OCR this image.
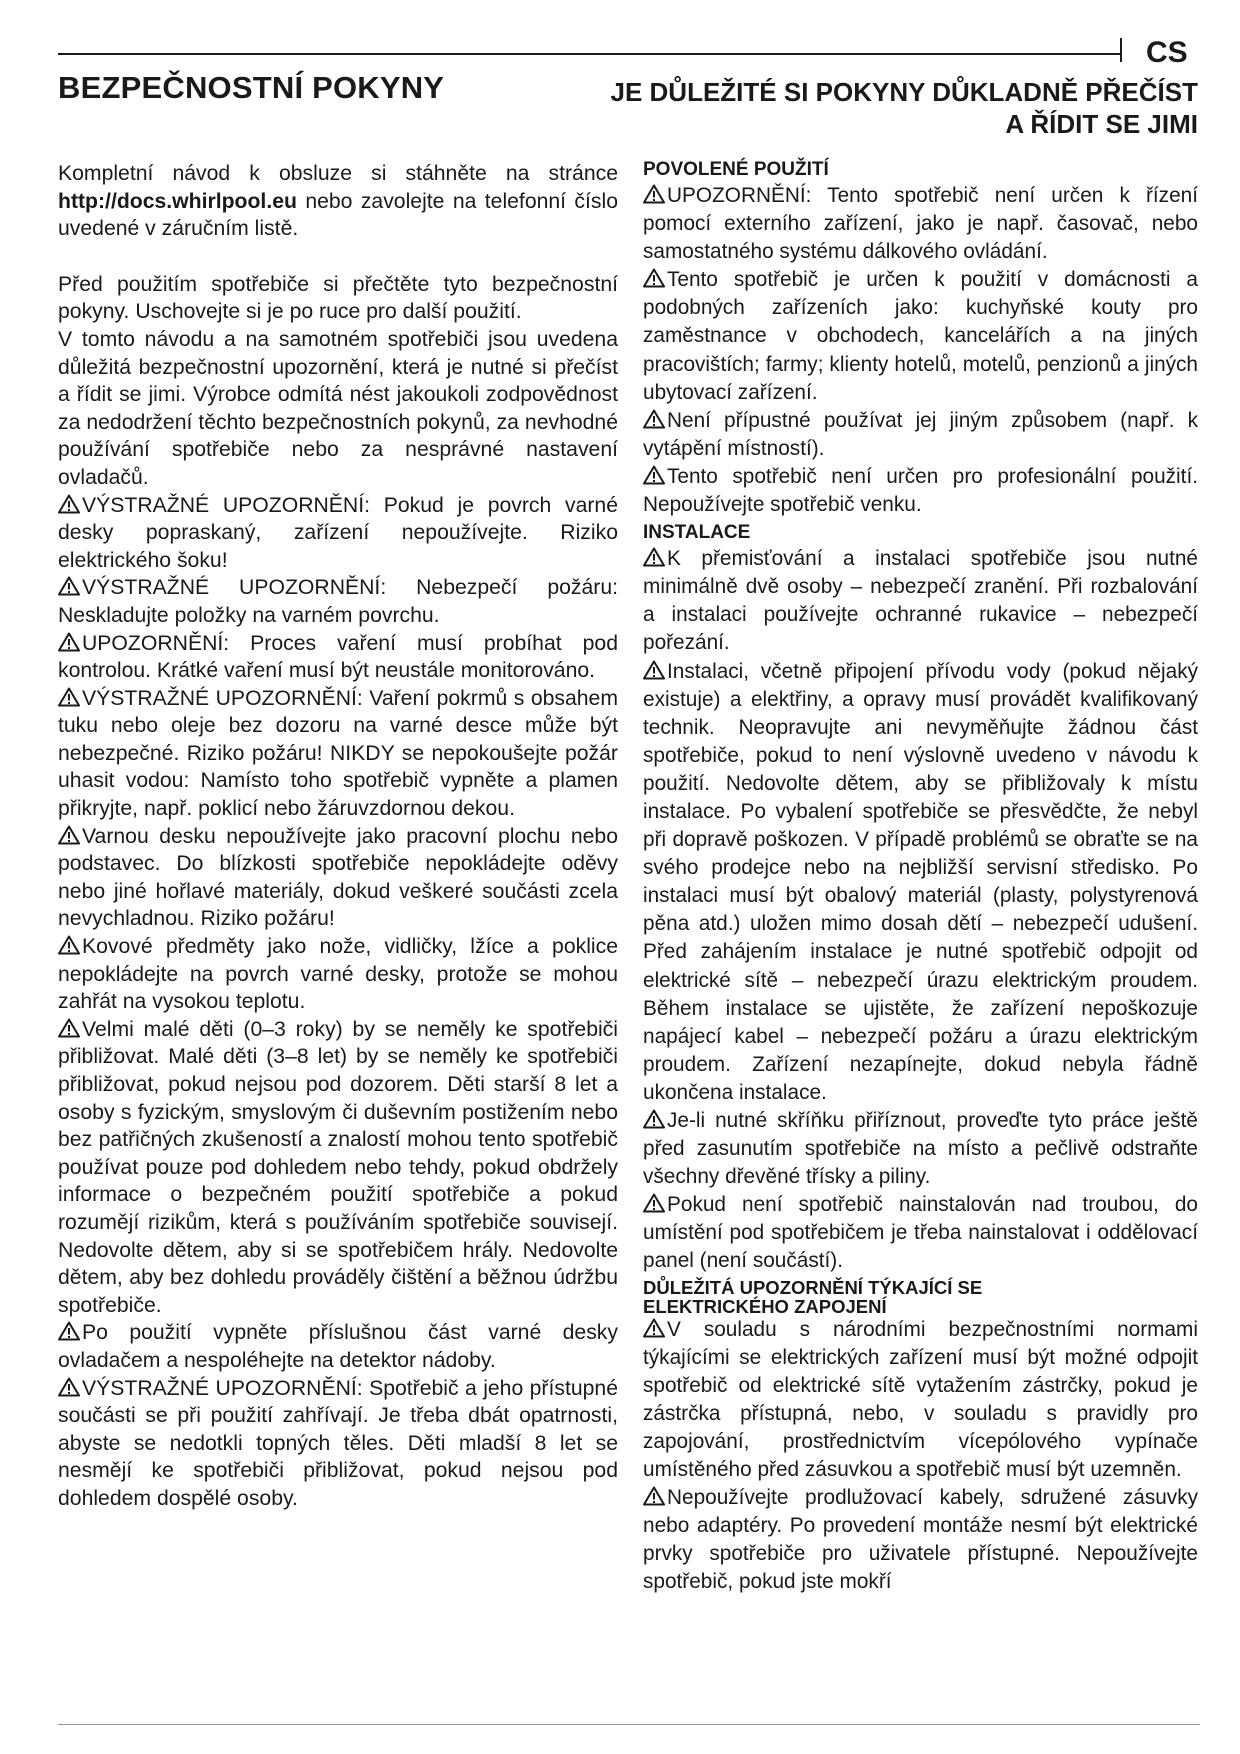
CS
BEZPEČNOSTNÍ POKYNY	JE DŮLEŽITÉ SI POKYNY DŮKLADNĚ PŘEČÍST
A ŘÍDIT SE JIMI

Kompletní návod k obsluze si stáhněte na stránce http://docs.whirlpool.eu nebo zavolejte na telefonní číslo uvedené v záručním listě.

Před použitím spotřebiče si přečtěte tyto bezpečnostní pokyny. Uschovejte si je po ruce pro další použití.

V tomto návodu a na samotném spotřebiči jsou uvedena důležitá bezpečnostní upozornění, která je nutné si přečíst a řídit se jimi. Výrobce odmítá nést jakoukoli zodpovědnost za nedodržení těchto bezpečnostních pokynů, za nevhodné používání spotřebiče nebo za nesprávné nastavení ovladačů.

VÝSTRAŽNÉ UPOZORNĚNÍ: Pokud je povrch varné desky popraskaný, zařízení nepoužívejte. Riziko elektrického šoku!

VÝSTRAŽNÉ UPOZORNĚNÍ: Nebezpečí požáru: Neskladujte položky na varném povrchu.

UPOZORNĚNÍ: Proces vaření musí probíhat pod kontrolou. Krátké vaření musí být neustále monitorováno.

VÝSTRAŽNÉ UPOZORNĚNÍ: Vaření pokrmů s obsahem tuku nebo oleje bez dozoru na varné desce může být nebezpečné. Riziko požáru! NIKDY se nepokoušejte požár uhasit vodou: Namísto toho spotřebič vypněte a plamen přikryjte, např. poklicí nebo žáruvzdornou dekou.

Varnou desku nepoužívejte jako pracovní plochu nebo podstavec. Do blízkosti spotřebiče nepokládejte oděvy nebo jiné hořlavé materiály, dokud veškeré součásti zcela nevychladnou. Riziko požáru!

Kovové předměty jako nože, vidličky, lžíce a poklice nepokládejte na povrch varné desky, protože se mohou zahřát na vysokou teplotu.

Velmi malé děti (0–3 roky) by se neměly ke spotřebiči přibližovat. Malé děti (3–8 let) by se neměly ke spotřebiči přibližovat, pokud nejsou pod dozorem. Děti starší 8 let a osoby s fyzickým, smyslovým či duševním postižením nebo bez patřičných zkušeností a znalostí mohou tento spotřebič používat pouze pod dohledem nebo tehdy, pokud obdržely informace o bezpečném použití spotřebiče a pokud rozumějí rizikům, která s používáním spotřebiče souvisejí. Nedovolte dětem, aby si se spotřebičem hrály. Nedovolte dětem, aby bez dohledu prováděly čištění a běžnou údržbu spotřebiče.

Po použití vypněte příslušnou část varné desky ovladačem a nespoléhejte na detektor nádoby.

VÝSTRAŽNÉ UPOZORNĚNÍ: Spotřebič a jeho přístupné součásti se při použití zahřívají. Je třeba dbát opatrnosti, abyste se nedotkli topných těles. Děti mladší 8 let se nesmějí ke spotřebiči přibližovat, pokud nejsou pod dohledem dospělé osoby.

POVOLENÉ POUŽITÍ

UPOZORNĚNÍ: Tento spotřebič není určen k řízení pomocí externího zařízení, jako je např. časovač, nebo samostatného systému dálkového ovládání.

Tento spotřebič je určen k použití v domácnosti a podobných zařízeních jako: kuchyňské kouty pro zaměstnance v obchodech, kancelářích a na jiných pracovištích; farmy; klienty hotelů, motelů, penzionů a jiných ubytovací zařízení.

Není přípustné používat jej jiným způsobem (např. k vytápění místností).

Tento spotřebič není určen pro profesionální použití. Nepoužívejte spotřebič venku.

INSTALACE

K přemisťování a instalaci spotřebiče jsou nutné minimálně dvě osoby – nebezpečí zranění. Při rozbalování a instalaci používejte ochranné rukavice – nebezpečí pořezání.

Instalaci, včetně připojení přívodu vody (pokud nějaký existuje) a elektřiny, a opravy musí provádět kvalifikovaný technik. Neopravujte ani nevyměňujte žádnou část spotřebiče, pokud to není výslovně uvedeno v návodu k použití. Nedovolte dětem, aby se přibližovaly k místu instalace. Po vybalení spotřebiče se přesvědčte, že nebyl při dopravě poškozen. V případě problémů se obraťte se na svého prodejce nebo na nejbližší servisní středisko. Po instalaci musí být obalový materiál (plasty, polystyrenová pěna atd.) uložen mimo dosah dětí – nebezpečí udušení. Před zahájením instalace je nutné spotřebič odpojit od elektrické sítě – nebezpečí úrazu elektrickým proudem. Během instalace se ujistěte, že zařízení nepoškozuje napájecí kabel – nebezpečí požáru a úrazu elektrickým proudem. Zařízení nezapínejte, dokud nebyla řádně ukončena instalace.

Je-li nutné skříňku přiříznout, proveďte tyto práce ještě před zasunutím spotřebiče na místo a pečlivě odstraňte všechny dřevěné třísky a piliny.

Pokud není spotřebič nainstalován nad troubou, do umístění pod spotřebičem je třeba nainstalovat i oddělovací panel (není součástí).

DŮLEŽITÁ UPOZORNĚNÍ TÝKAJÍCÍ SE
ELEKTRICKÉHO ZAPOJENÍ

V souladu s národními bezpečnostními normami týkajícími se elektrických zařízení musí být možné odpojit spotřebič od elektrické sítě vytažením zástrčky, pokud je zástrčka přístupná, nebo, v souladu s pravidly pro zapojování, prostřednictvím vícepólového vypínače umístěného před zásuvkou a spotřebič musí být uzemněn.

Nepoužívejte prodlužovací kabely, sdružené zásuvky nebo adaptéry. Po provedení montáže nesmí být elektrické prvky spotřebiče pro uživatele přístupné. Nepoužívejte spotřebič, pokud jste mokří
